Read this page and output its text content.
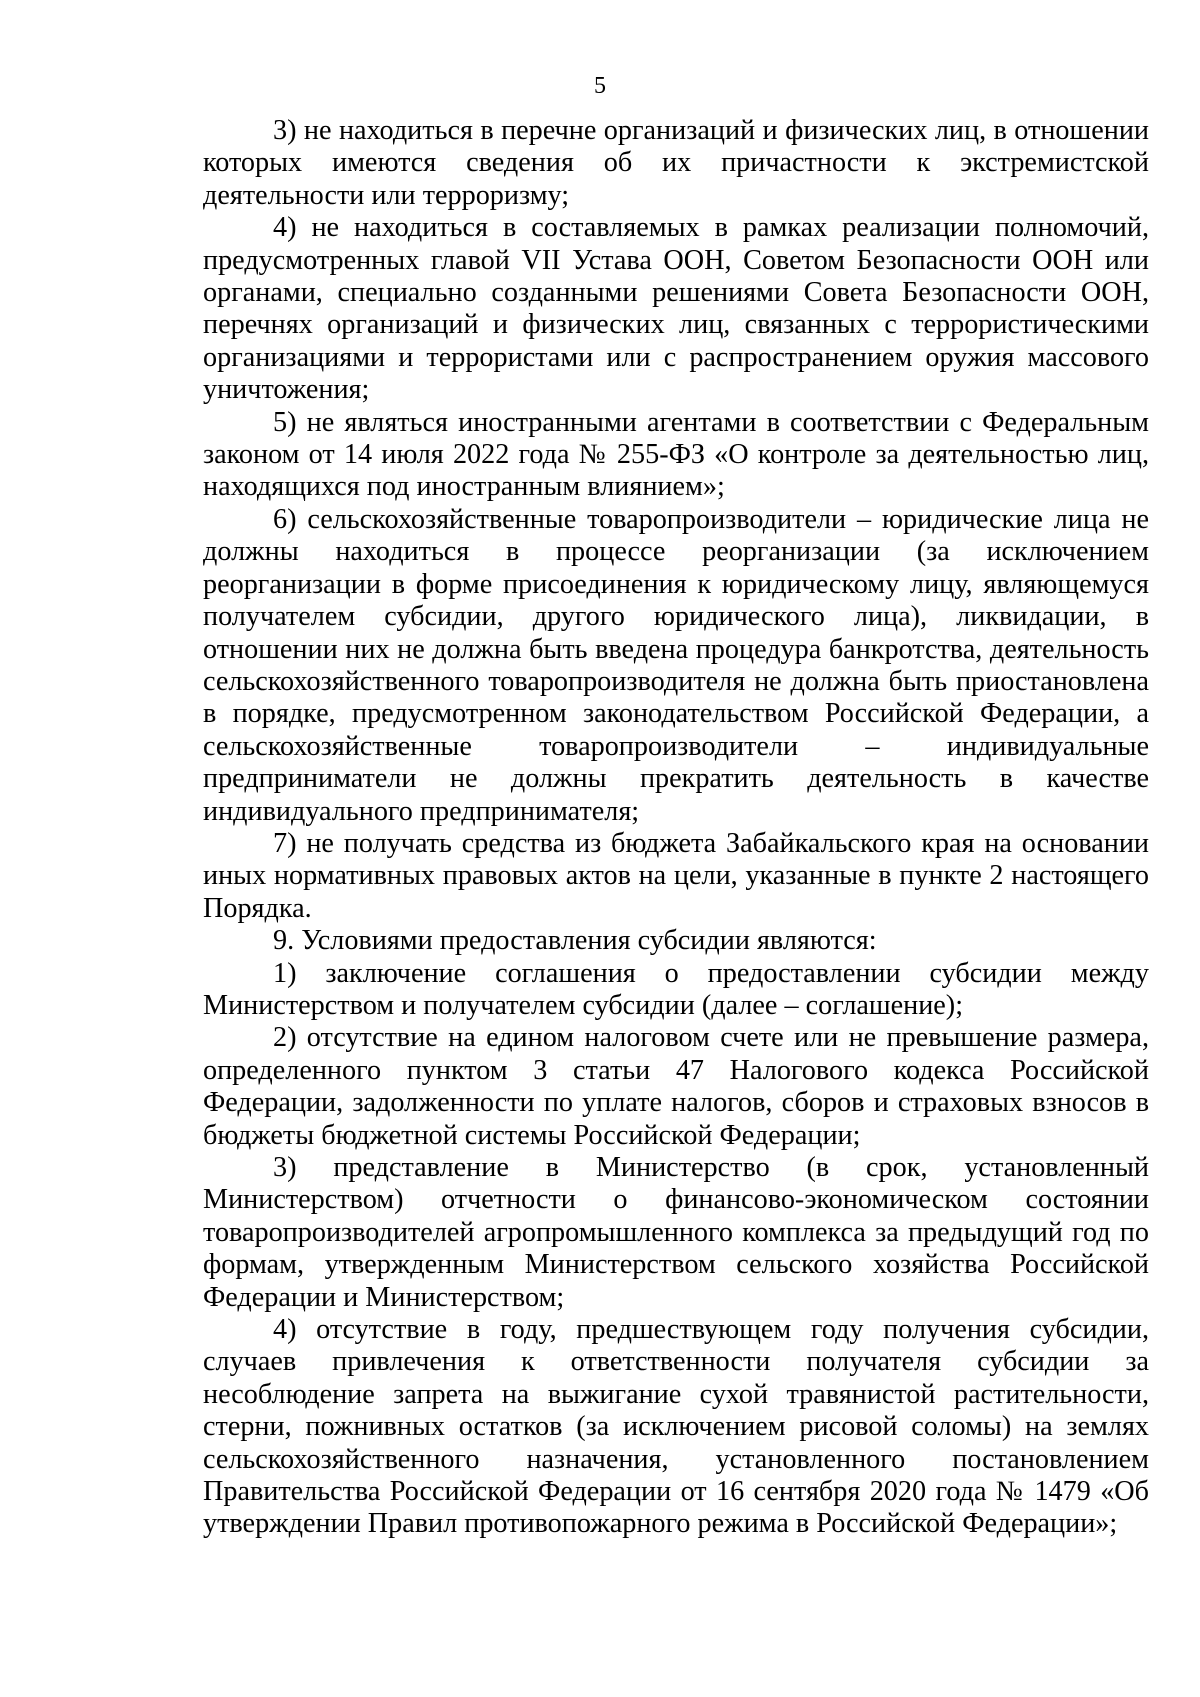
5

3) не находиться в перечне организаций и физических лиц, в отношении которых имеются сведения об их причастности к экстремистской деятельности или терроризму;

4) не находиться в составляемых в рамках реализации полномочий, предусмотренных главой VII Устава ООН, Советом Безопасности ООН или органами, специально созданными решениями Совета Безопасности ООН, перечнях организаций и физических лиц, связанных с террористическими организациями и террористами или с распространением оружия массового уничтожения;

5) не являться иностранными агентами в соответствии с Федеральным законом от 14 июля 2022 года № 255-ФЗ «О контроле за деятельностью лиц, находящихся под иностранным влиянием»;

6) сельскохозяйственные товаропроизводители – юридические лица не должны находиться в процессе реорганизации (за исключением реорганизации в форме присоединения к юридическому лицу, являющемуся получателем субсидии, другого юридического лица), ликвидации, в отношении них не должна быть введена процедура банкротства, деятельность сельскохозяйственного товаропроизводителя не должна быть приостановлена в порядке, предусмотренном законодательством Российской Федерации, а сельскохозяйственные товаропроизводители – индивидуальные предприниматели не должны прекратить деятельность в качестве индивидуального предпринимателя;

7) не получать средства из бюджета Забайкальского края на основании иных нормативных правовых актов на цели, указанные в пункте 2 настоящего Порядка.

9. Условиями предоставления субсидии являются:

1) заключение соглашения о предоставлении субсидии между Министерством и получателем субсидии (далее – соглашение);

2) отсутствие на едином налоговом счете или не превышение размера, определенного пунктом 3 статьи 47 Налогового кодекса Российской Федерации, задолженности по уплате налогов, сборов и страховых взносов в бюджеты бюджетной системы Российской Федерации;

3) представление в Министерство (в срок, установленный Министерством) отчетности о финансово-экономическом состоянии товаропроизводителей агропромышленного комплекса за предыдущий год по формам, утвержденным Министерством сельского хозяйства Российской Федерации и Министерством;

4) отсутствие в году, предшествующем году получения субсидии, случаев привлечения к ответственности получателя субсидии за несоблюдение запрета на выжигание сухой травянистой растительности, стерни, пожнивных остатков (за исключением рисовой соломы) на землях сельскохозяйственного назначения, установленного постановлением Правительства Российской Федерации от 16 сентября 2020 года № 1479 «Об утверждении Правил противопожарного режима в Российской Федерации»;
